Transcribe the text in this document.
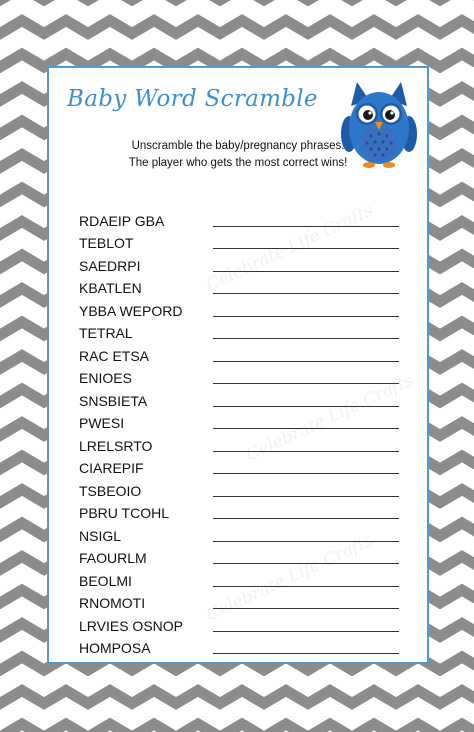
Baby Word Scramble
Unscramble the baby/pregnancy phrases.
The player who gets the most correct wins!
RDAEIP GBA
TEBLOT
SAEDRPI
KBATLEN
YBBA WEPORD
TETRAL
RAC ETSA
ENIOES
SNSBIETA
PWESI
LRELSRTO
CIAREPIF
TSBEOIO
PBRU TCOHL
NSIGL
FAOURLM
BEOLMI
RNOMOTI
LRVIES OSNOP
HOMPOSA
Celebrate Life Crafts
Celebrate Life Crafts
Celebrate Life Crafts
